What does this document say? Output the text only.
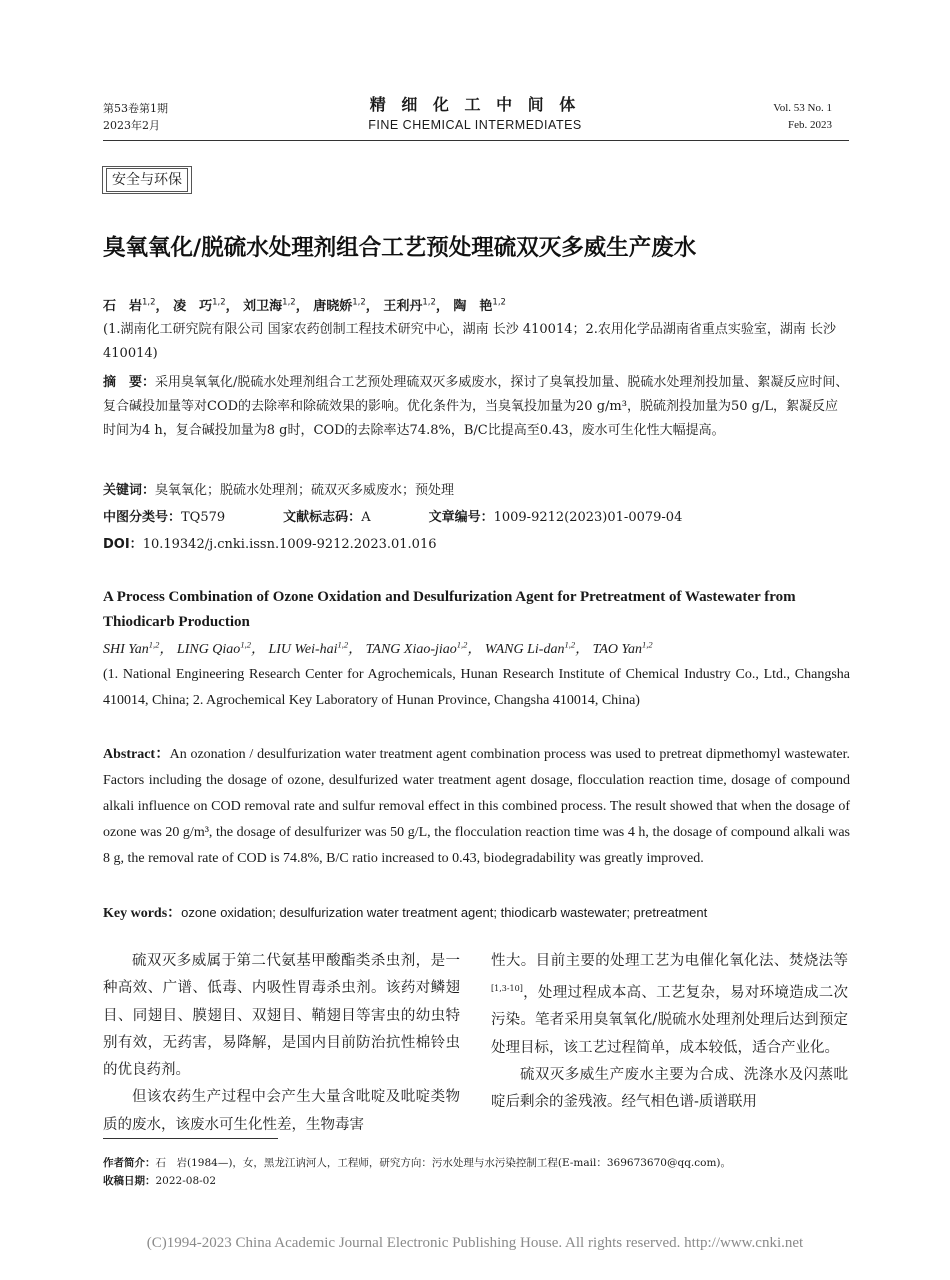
第53卷第1期
2023年2月
精 细 化 工 中 间 体
FINE CHEMICAL INTERMEDIATES
Vol. 53 No. 1
Feb. 2023
安全与环保
臭氧氧化/脱硫水处理剂组合工艺预处理硫双灭多威生产废水
石　岩$^{1,2}$， 凌　巧$^{1,2}$， 刘卫海$^{1,2}$， 唐晓娇$^{1,2}$， 王利丹$^{1,2}$， 陶　艳$^{1,2}$
(1.湖南化工研究院有限公司 国家农药创制工程技术研究中心，湖南 长沙 410014；2.农用化学品湖南省重点实验室，湖南 长沙 410014)
摘　要：采用臭氧氧化/脱硫水处理剂组合工艺预处理硫双灭多威废水，探讨了臭氧投加量、脱硫水处理剂投加量、絮凝反应时间、复合碱投加量等对COD的去除率和除硫效果的影响。优化条件为，当臭氧投加量为20 g/m³，脱硫剂投加量为50 g/L，絮凝反应时间为4 h，复合碱投加量为8 g时，COD的去除率达74.8%，B/C比提高至0.43，废水可生化性大幅提高。
关键词：臭氧氧化；脱硫水处理剂；硫双灭多威废水；预处理
中图分类号：TQ579	文献标志码：A	文章编号：1009-9212(2023)01-0079-04
DOI：10.19342/j.cnki.issn.1009-9212.2023.01.016
A Process Combination of Ozone Oxidation and Desulfurization Agent for Pretreatment of Wastewater from Thiodicarb Production
SHI Yan$^{1,2}$， LING Qiao$^{1,2}$， LIU Wei-hai$^{1,2}$， TANG Xiao-jiao$^{1,2}$， WANG Li-dan$^{1,2}$， TAO Yan$^{1,2}$
(1. National Engineering Research Center for Agrochemicals, Hunan Research Institute of Chemical Industry Co., Ltd., Changsha 410014, China; 2. Agrochemical Key Laboratory of Hunan Province, Changsha 410014, China)
Abstract：An ozonation / desulfurization water treatment agent combination process was used to pretreat dipmethomyl wastewater. Factors including the dosage of ozone, desulfurized water treatment agent dosage, flocculation reaction time, dosage of compound alkali influence on COD removal rate and sulfur removal effect in this combined process. The result showed that when the dosage of ozone was 20 g/m³, the dosage of desulfurizer was 50 g/L, the flocculation reaction time was 4 h, the dosage of compound alkali was 8 g, the removal rate of COD is 74.8%, B/C ratio increased to 0.43, biodegradability was greatly improved.
Key words：ozone oxidation; desulfurization water treatment agent; thiodicarb wastewater; pretreatment

硫双灭多威属于第二代氨基甲酸酯类杀虫剂，是一种高效、广谱、低毒、内吸性胃毒杀虫剂。该药对鳞翅目、同翅目、膜翅目、双翅目、鞘翅目等害虫的幼虫特别有效，无药害，易降解，是国内目前防治抗性棉铃虫的优良药剂。

但该农药生产过程中会产生大量含吡啶及吡啶类物质的废水，该废水可生化性差，生物毒害

性大。目前主要的处理工艺为电催化氧化法、焚烧法等[1,3-10]，处理过程成本高、工艺复杂，易对环境造成二次污染。笔者采用臭氧氧化/脱硫水处理剂处理后达到预定处理目标，该工艺过程简单，成本较低，适合产业化。

硫双灭多威生产废水主要为合成、洗涤水及闪蒸吡啶后剩余的釜残液。经气相色谱-质谱联用

作者简介：石　岩(1984—)，女，黑龙江讷河人，工程师，研究方向：污水处理与水污染控制工程(E-mail：369673670@qq.com)。
收稿日期：2022-08-02
(C)1994-2023 China Academic Journal Electronic Publishing House. All rights reserved. http://www.cnki.net
